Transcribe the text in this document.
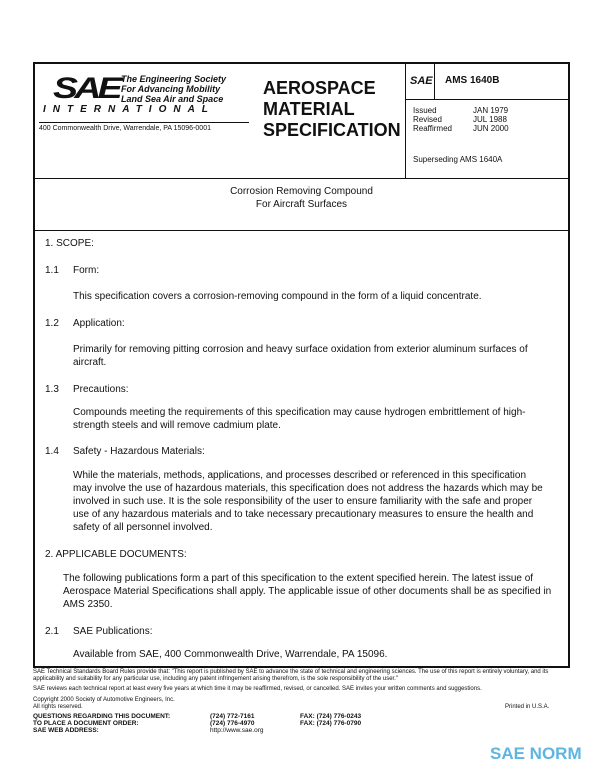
SAE The Engineering Society
For Advancing Mobility
Land Sea Air and Space
INTERNATIONAL
400 Commonwealth Drive, Warrendale, PA 15096-0001
AEROSPACE
MATERIAL
SPECIFICATION
SAE AMS 1640B
Issued	JAN 1979
Revised	JUL 1988
Reaffirmed	JUN 2000
Superseding AMS 1640A
Corrosion Removing Compound
For Aircraft Surfaces
1. SCOPE:
1.1 Form:
This specification covers a corrosion-removing compound in the form of a liquid concentrate.
1.2 Application:
Primarily for removing pitting corrosion and heavy surface oxidation from exterior aluminum surfaces of aircraft.
1.3 Precautions:
Compounds meeting the requirements of this specification may cause hydrogen embrittlement of high-strength steels and will remove cadmium plate.
1.4 Safety - Hazardous Materials:
While the materials, methods, applications, and processes described or referenced in this specification may involve the use of hazardous materials, this specification does not address the hazards which may be involved in such use. It is the sole responsibility of the user to ensure familiarity with the safe and proper use of any hazardous materials and to take necessary precautionary measures to ensure the health and safety of all personnel involved.
2. APPLICABLE DOCUMENTS:
The following publications form a part of this specification to the extent specified herein. The latest issue of Aerospace Material Specifications shall apply. The applicable issue of other documents shall be as specified in AMS 2350.
2.1 SAE Publications:
Available from SAE, 400 Commonwealth Drive, Warrendale, PA 15096.
SAE Technical Standards Board Rules provide that: "This report is published by SAE to advance the state of technical and engineering sciences. The use of this report is entirely voluntary, and its applicability and suitability for any particular use, including any patent infringement arising therefrom, is the sole responsibility of the user."
SAE reviews each technical report at least every five years at which time it may be reaffirmed, revised, or cancelled. SAE invites your written comments and suggestions.
Copyright 2000 Society of Automotive Engineers, Inc.
All rights reserved.	Printed in U.S.A.
QUESTIONS REGARDING THIS DOCUMENT:	(724) 772-7161	FAX: (724) 776-0243
TO PLACE A DOCUMENT ORDER:	(724) 776-4970	FAX: (724) 776-0790
SAE WEB ADDRESS:	http://www.sae.org
SAE NORM
